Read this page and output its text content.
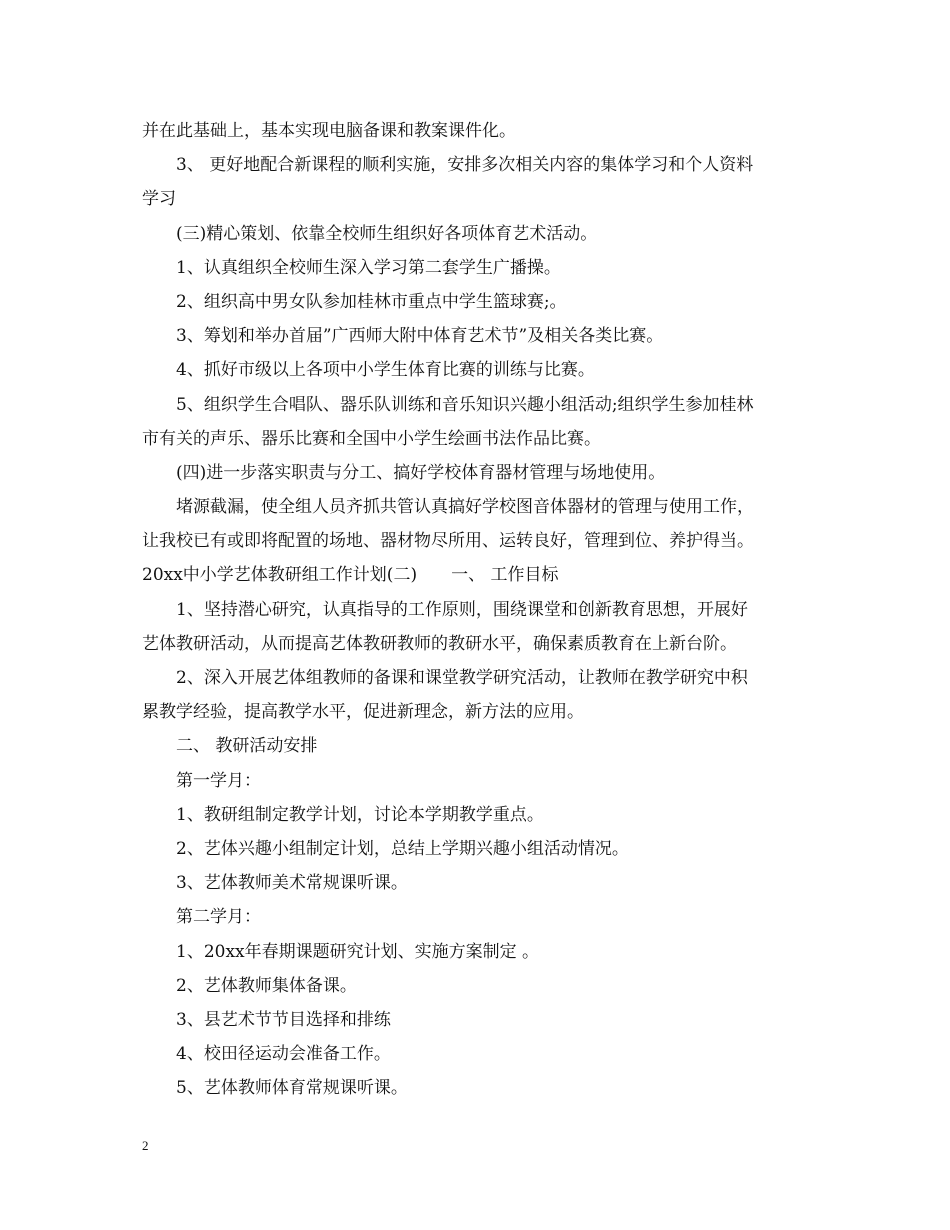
并在此基础上，基本实现电脑备课和教案课件化。
3、 更好地配合新课程的顺利实施，安排多次相关内容的集体学习和个人资料
学习
(三)精心策划、依靠全校师生组织好各项体育艺术活动。
1、认真组织全校师生深入学习第二套学生广播操。
2、组织高中男女队参加桂林市重点中学生篮球赛;。
3、筹划和举办首届”广西师大附中体育艺术节”及相关各类比赛。
4、抓好市级以上各项中小学生体育比赛的训练与比赛。
5、组织学生合唱队、器乐队训练和音乐知识兴趣小组活动;组织学生参加桂林
市有关的声乐、器乐比赛和全国中小学生绘画书法作品比赛。
(四)进一步落实职责与分工、搞好学校体育器材管理与场地使用。
堵源截漏，使全组人员齐抓共管认真搞好学校图音体器材的管理与使用工作，
让我校已有或即将配置的场地、器材物尽所用、运转良好，管理到位、养护得当。
20xx中小学艺体教研组工作计划(二)　　一、 工作目标
1、坚持潜心研究，认真指导的工作原则，围绕课堂和创新教育思想，开展好
艺体教研活动，从而提高艺体教研教师的教研水平，确保素质教育在上新台阶。
2、深入开展艺体组教师的备课和课堂教学研究活动，让教师在教学研究中积
累教学经验，提高教学水平，促进新理念，新方法的应用。
二、 教研活动安排
第一学月：
1、教研组制定教学计划，讨论本学期教学重点。
2、艺体兴趣小组制定计划，总结上学期兴趣小组活动情况。
3、艺体教师美术常规课听课。
第二学月：
1、20xx年春期课题研究计划、实施方案制定 。
2、艺体教师集体备课。
3、县艺术节节目选择和排练
4、校田径运动会准备工作。
5、艺体教师体育常规课听课。
2
